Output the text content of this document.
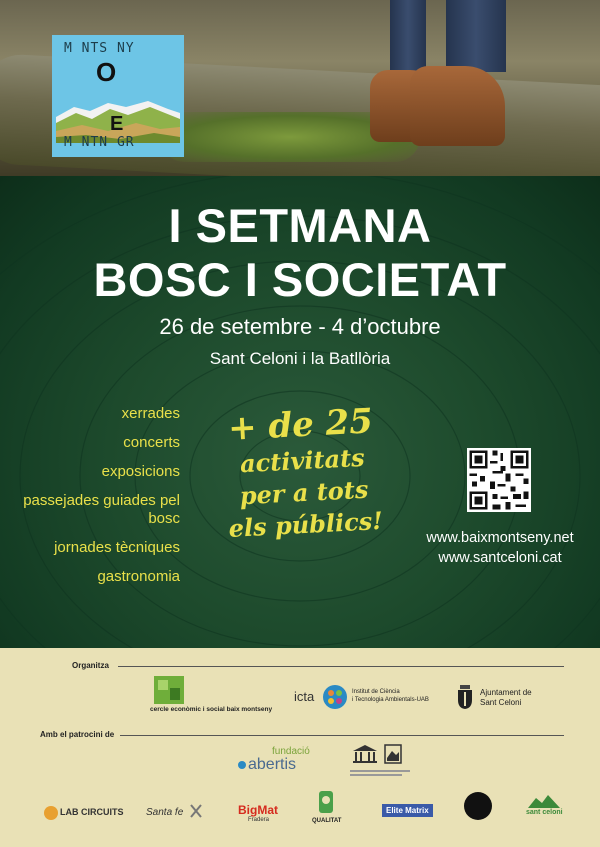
M NTS NY
O
E
M NTN GR
I SETMANA
BOSC I SOCIETAT
26 de setembre - 4 d’octubre
Sant Celoni i la Batllòria
xerrades
concerts
exposicions
passejades guiades pel bosc
jornades tècniques
gastronomia
+ de 25
activitats
per a tots
els públics!	www.baixmontseny.net
www.santceloni.cat
Organitza
cercle econòmic i social baix montseny
icta	Institut de Ciència
i Tecnologia Ambientals-UAB
Ajuntament de
Sant Celoni
Amb el patrocini de
fundació
abertis
LAB CIRCUITS Santa fe	BigMat
Fradera	QUALITAT
Elite Matrix	sant celoni
